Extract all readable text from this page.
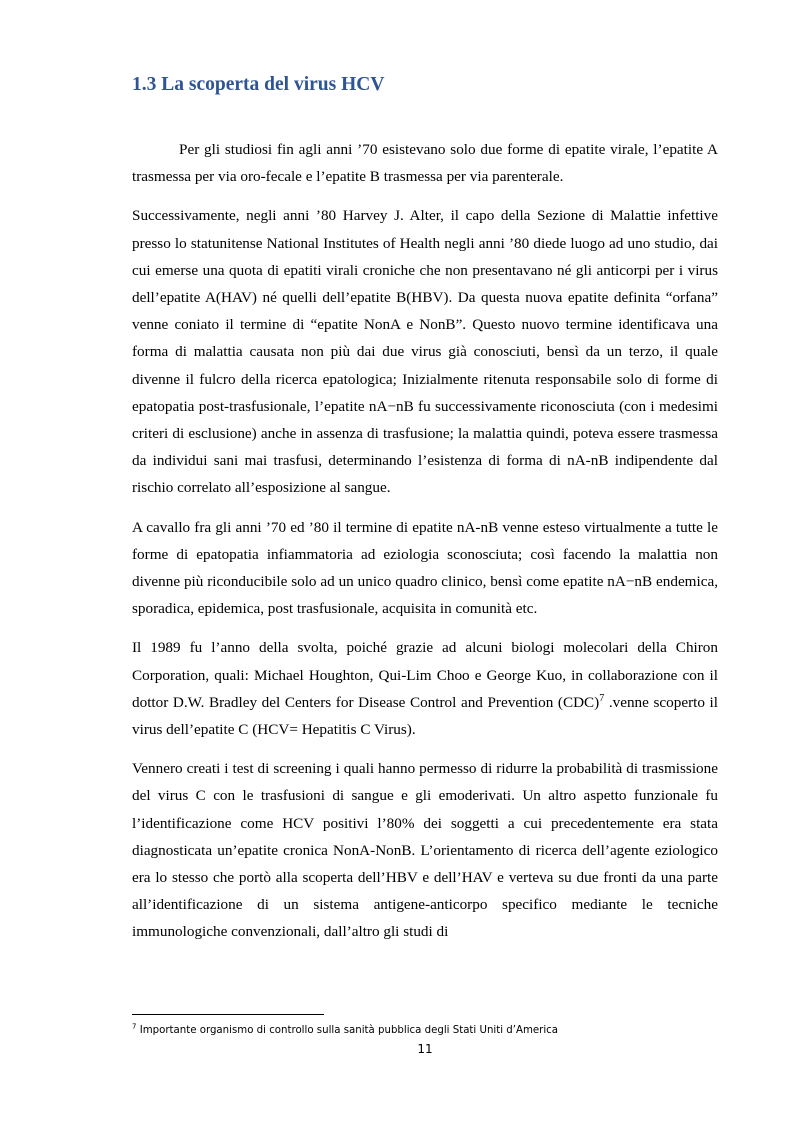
1.3 La scoperta del virus HCV

Per gli studiosi fin agli anni ’70 esistevano solo due forme di epatite virale, l’epatite A trasmessa per via oro-fecale e l’epatite B trasmessa per via parenterale.

Successivamente, negli anni ’80 Harvey J. Alter, il capo della Sezione di Malattie infettive presso lo statunitense National Institutes of Health negli anni ’80 diede luogo ad uno studio, dai cui emerse una quota di epatiti virali croniche che non presentavano né gli anticorpi per i virus dell’epatite A(HAV) né quelli dell’epatite B(HBV). Da questa nuova epatite definita “orfana” venne coniato il termine di “epatite NonA e NonB”. Questo nuovo termine identificava una forma di malattia causata non più dai due virus già conosciuti, bensì da un terzo, il quale divenne il fulcro della ricerca epatologica; Inizialmente ritenuta responsabile solo di forme di epatopatia post-trasfusionale, l’epatite nA−nB fu successivamente riconosciuta (con i medesimi criteri di esclusione) anche in assenza di trasfusione; la malattia quindi, poteva essere trasmessa da individui sani mai trasfusi, determinando l’esistenza di forma di nA-nB indipendente dal rischio correlato all’esposizione al sangue.

A cavallo fra gli anni ’70 ed ’80 il termine di epatite nA-nB venne esteso virtualmente a tutte le forme di epatopatia infiammatoria ad eziologia sconosciuta; così facendo la malattia non divenne più riconducibile solo ad un unico quadro clinico, bensì come epatite nA−nB endemica, sporadica, epidemica, post trasfusionale, acquisita in comunità etc.

Il 1989 fu l’anno della svolta, poiché grazie ad alcuni biologi molecolari della Chiron Corporation, quali: Michael Houghton, Qui-Lim Choo e George Kuo, in collaborazione con il dottor D.W. Bradley del Centers for Disease Control and Prevention (CDC)$^7$ .venne scoperto il virus dell’epatite C (HCV= Hepatitis C Virus).

Vennero creati i test di screening i quali hanno permesso di ridurre la probabilità di trasmissione del virus C con le trasfusioni di sangue e gli emoderivati. Un altro aspetto funzionale fu l’identificazione come HCV positivi l’80% dei soggetti a cui precedentemente era stata diagnosticata un’epatite cronica NonA-NonB. L’orientamento di ricerca dell’agente eziologico era lo stesso che portò alla scoperta dell’HBV e dell’HAV e verteva su due fronti da una parte all’identificazione di un sistema antigene-anticorpo specifico mediante le tecniche immunologiche convenzionali, dall’altro gli studi di

$^7$ Importante organismo di controllo sulla sanità pubblica degli Stati Uniti d’America
11
